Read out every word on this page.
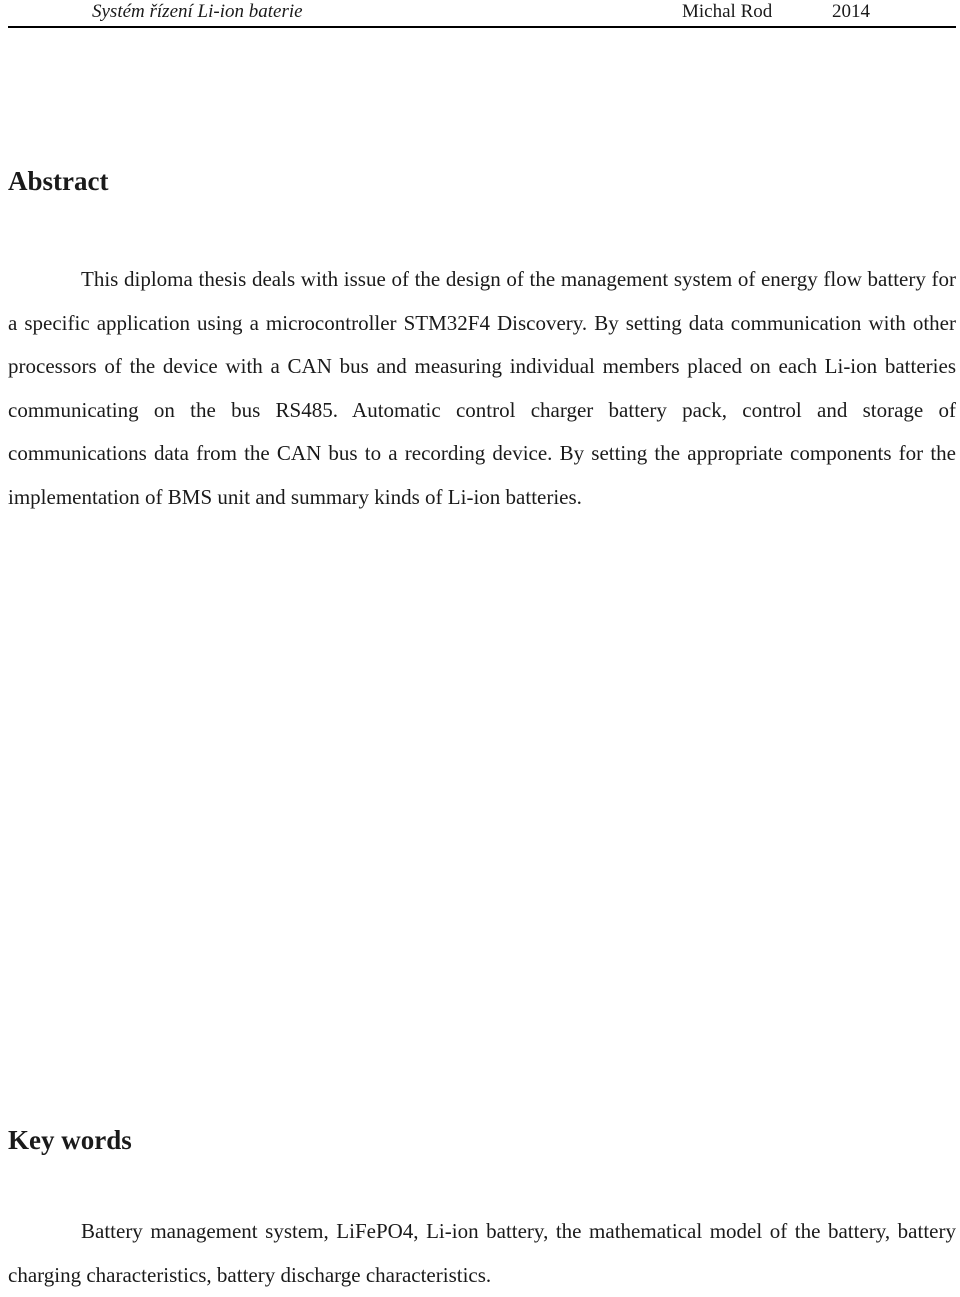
Systém řízení Li-ion baterie	Michal Rod	2014
Abstract

This diploma thesis deals with issue of the design of the management system of energy flow battery for a specific application using a microcontroller STM32F4 Discovery. By setting data communication with other processors of the device with a CAN bus and measuring individual members placed on each Li-ion batteries communicating on the bus RS485. Automatic control charger battery pack, control and storage of communications data from the CAN bus to a recording device. By setting the appropriate components for the implementation of BMS unit and summary kinds of Li-ion batteries.

Key words

Battery management system, LiFePO4, Li-ion battery, the mathematical model of the battery, battery charging characteristics, battery discharge characteristics.
